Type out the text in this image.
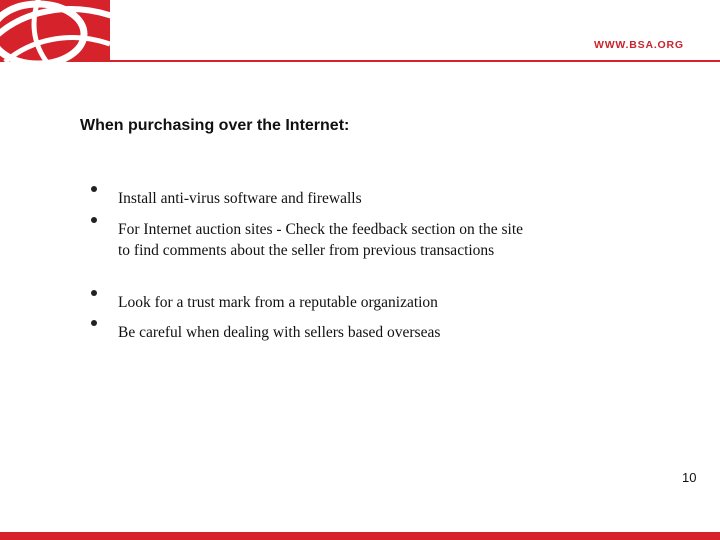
WWW.BSA.ORG
When purchasing over the Internet:
Install anti-virus software and firewalls
For Internet auction sites - Check the feedback section on the site to find comments about the seller from previous transactions
Look for a trust mark from a reputable organization
Be careful when dealing with sellers based overseas
10
